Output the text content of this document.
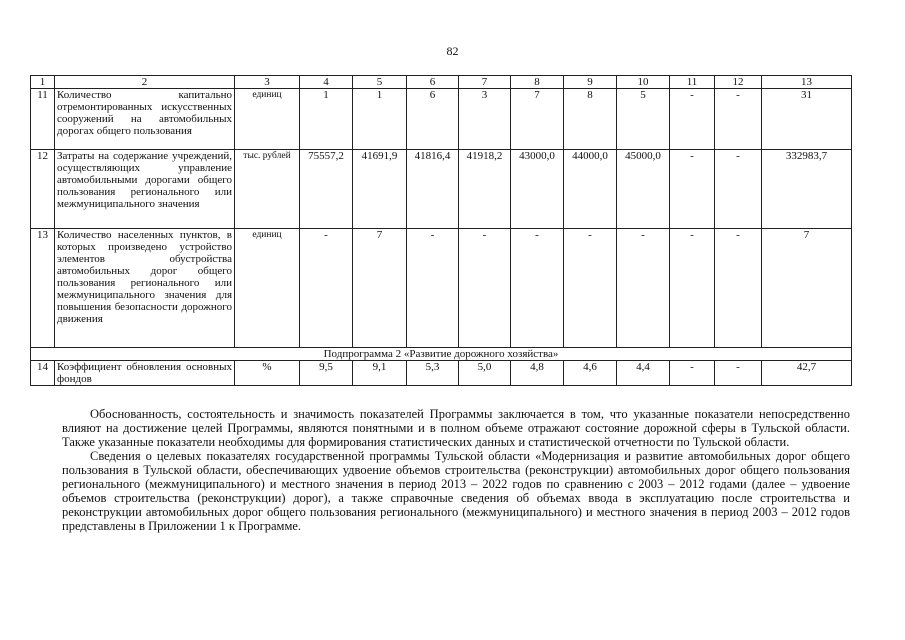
82
1	2	3	4	5	6	7	8	9	10	11	12	13
11	Количество капитально отремонтированных искусственных сооружений на автомобильных дорогах общего пользования	единиц	1	1	6	3	7	8	5	-	-	31
12	Затраты на содержание учреждений, осуществляющих управление автомобильными дорогами общего пользования регионального или межмуниципального значения	тыс. рублей	75557,2	41691,9	41816,4	41918,2	43000,0	44000,0	45000,0	-	-	332983,7
13	Количество населенных пунктов, в которых произведено устройство элементов обустройства автомобильных дорог общего пользования регионального или межмуниципального значения для повышения безопасности дорожного движения	единиц	-	7	-	-	-	-	-	-	-	7
Подпрограмма 2 «Развитие дорожного хозяйства»												
14	Коэффициент обновления основных фондов	%	9,5	9,1	5,3	5,0	4,8	4,6	4,4	-	-	42,7

Обоснованность, состоятельность и значимость показателей Программы заключается в том, что указанные показатели непосредственно влияют на достижение целей Программы, являются понятными и в полном объеме отражают состояние дорожной сферы в Тульской области. Также указанные показатели необходимы для формирования статистических данных и статистической отчетности по Тульской области.

Сведения о целевых показателях государственной программы Тульской области «Модернизация и развитие автомобильных дорог общего пользования в Тульской области, обеспечивающих удвоение объемов строительства (реконструкции) автомобильных дорог общего пользования регионального (межмуниципального) и местного значения в период 2013 – 2022 годов по сравнению с 2003 – 2012 годами (далее – удвоение объемов строительства (реконструкции) дорог), а также справочные сведения об объемах ввода в эксплуатацию после строительства и реконструкции автомобильных дорог общего пользования регионального (межмуниципального) и местного значения в период 2003 – 2012 годов представлены в Приложении 1 к Программе.
